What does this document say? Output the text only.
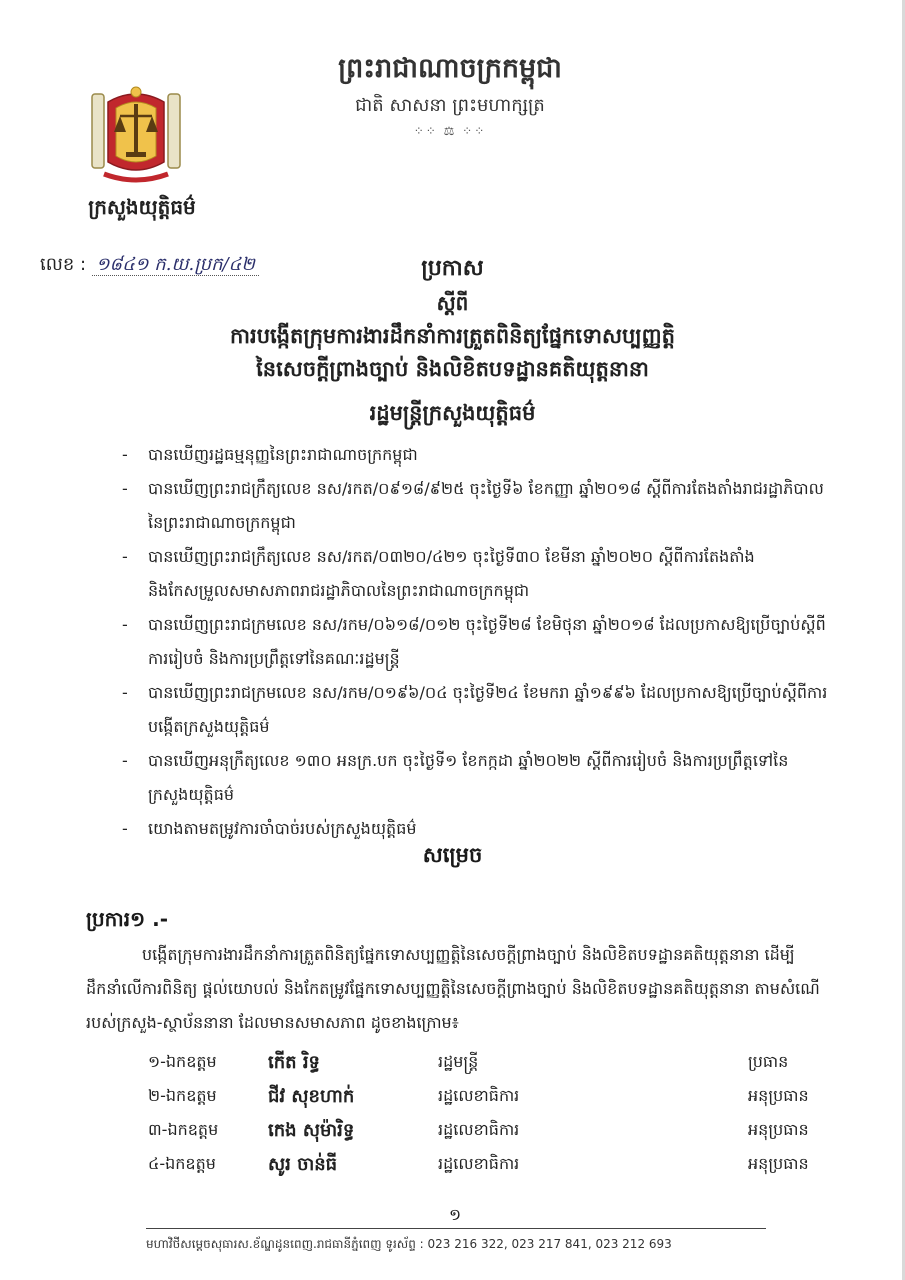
ព្រះរាជាណាចក្រកម្ពុជា
ជាតិ សាសនា ព្រះមហាក្សត្រ
⁘⁘ ⚖ ⁘⁘
ក្រសួងយុត្តិធម៌
លេខ : ១៨៤១ ក.យ.ប្រក/៤២	ប្រកាស
ស្ដីពី
ការបង្កើតក្រុមការងារដឹកនាំការត្រួតពិនិត្យផ្នែកទោសប្បញ្ញត្តិ
នៃសេចក្ដីព្រាងច្បាប់ និងលិខិតបទដ្ឋានគតិយុត្តនានា
រដ្ឋមន្ត្រីក្រសួងយុត្តិធម៌
- បានឃើញរដ្ឋធម្មនុញ្ញនៃព្រះរាជាណាចក្រកម្ពុជា
- បានឃើញព្រះរាជក្រឹត្យលេខ នស/រកត/០៩១៨/៩២៥ ចុះថ្ងៃទី៦ ខែកញ្ញា ឆ្នាំ២០១៨ ស្ដីពីការតែងតាំងរាជរដ្ឋាភិបាលនៃព្រះរាជាណាចក្រកម្ពុជា
- បានឃើញព្រះរាជក្រឹត្យលេខ នស/រកត/០៣២០/៤២១ ចុះថ្ងៃទី៣០ ខែមីនា ឆ្នាំ២០២០ ស្ដីពីការតែងតាំង និងកែសម្រួលសមាសភាពរាជរដ្ឋាភិបាលនៃព្រះរាជាណាចក្រកម្ពុជា
- បានឃើញព្រះរាជក្រមលេខ នស/រកម/០៦១៨/០១២ ចុះថ្ងៃទី២៨ ខែមិថុនា ឆ្នាំ២០១៨ ដែលប្រកាសឱ្យប្រើច្បាប់ស្ដីពីការរៀបចំ និងការប្រព្រឹត្តទៅនៃគណៈរដ្ឋមន្ត្រី
- បានឃើញព្រះរាជក្រមលេខ នស/រកម/០១៩៦/០៤ ចុះថ្ងៃទី២៤ ខែមករា ឆ្នាំ១៩៩៦ ដែលប្រកាសឱ្យប្រើច្បាប់ស្ដីពីការបង្កើតក្រសួងយុត្តិធម៌
- បានឃើញអនុក្រឹត្យលេខ ១៣០ អនក្រ.បក ចុះថ្ងៃទី១ ខែកក្កដា ឆ្នាំ២០២២ ស្ដីពីការរៀបចំ និងការប្រព្រឹត្តទៅនៃក្រសួងយុត្តិធម៌
- យោងតាមតម្រូវការចាំបាច់របស់ក្រសួងយុត្តិធម៌
សម្រេច
ប្រការ១ .-

បង្កើតក្រុមការងារដឹកនាំការត្រួតពិនិត្យផ្នែកទោសប្បញ្ញត្តិនៃសេចក្ដីព្រាងច្បាប់ និងលិខិតបទដ្ឋានគតិយុត្តនានា ដើម្បីដឹកនាំលើការពិនិត្យ ផ្ដល់យោបល់ និងកែតម្រូវផ្នែកទោសប្បញ្ញត្តិនៃសេចក្ដីព្រាងច្បាប់ និងលិខិតបទដ្ឋានគតិយុត្តនានា តាមសំណើរបស់ក្រសួង-ស្ថាប័ននានា ដែលមានសមាសភាព ដូចខាងក្រោម៖

១-ឯកឧត្ដម	កើត រិទ្ធ	រដ្ឋមន្ត្រី	ប្រធាន
២-ឯកឧត្ដម	ជីវ សុខហាក់	រដ្ឋលេខាធិការ	អនុប្រធាន
៣-ឯកឧត្ដម	កេង សុម៉ារិទ្ធ	រដ្ឋលេខាធិការ	អនុប្រធាន
៤-ឯកឧត្ដម	សូរ ចាន់ធី	រដ្ឋលេខាធិការ	អនុប្រធាន
១
មហាវិថីសម្ដេចសុធារស.ខ័ណ្ឌដូនពេញ.រាជធានីភ្នំពេញ ទូរស័ព្ទ : 023 216 322, 023 217 841, 023 212 693
